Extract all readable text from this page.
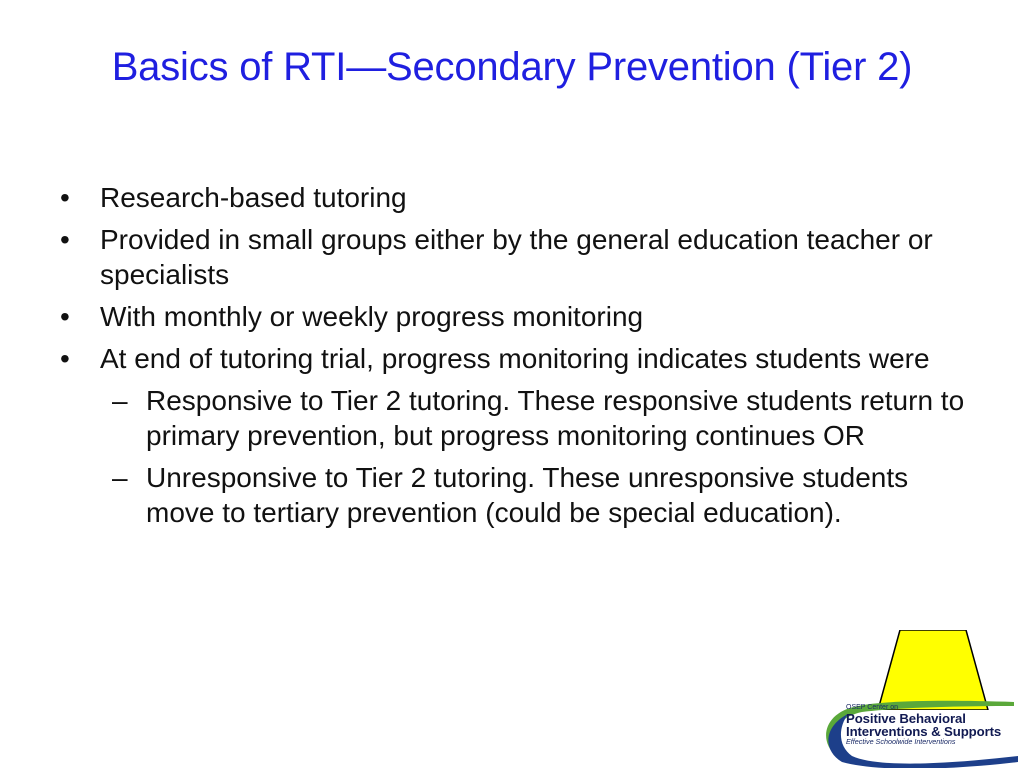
Basics of RTI—Secondary Prevention (Tier 2)
• Research-based tutoring
• Provided in small groups either by the general education teacher or specialists
• With monthly or weekly progress monitoring
• At end of tutoring trial, progress monitoring indicates students were
– Responsive to Tier 2 tutoring. These responsive students return to primary prevention, but progress monitoring continues OR
– Unresponsive to Tier 2 tutoring. These unresponsive students move to tertiary prevention (could be special education).
OSEP Center on
Positive Behavioral
Interventions & Supports
Effective Schoolwide Interventions
